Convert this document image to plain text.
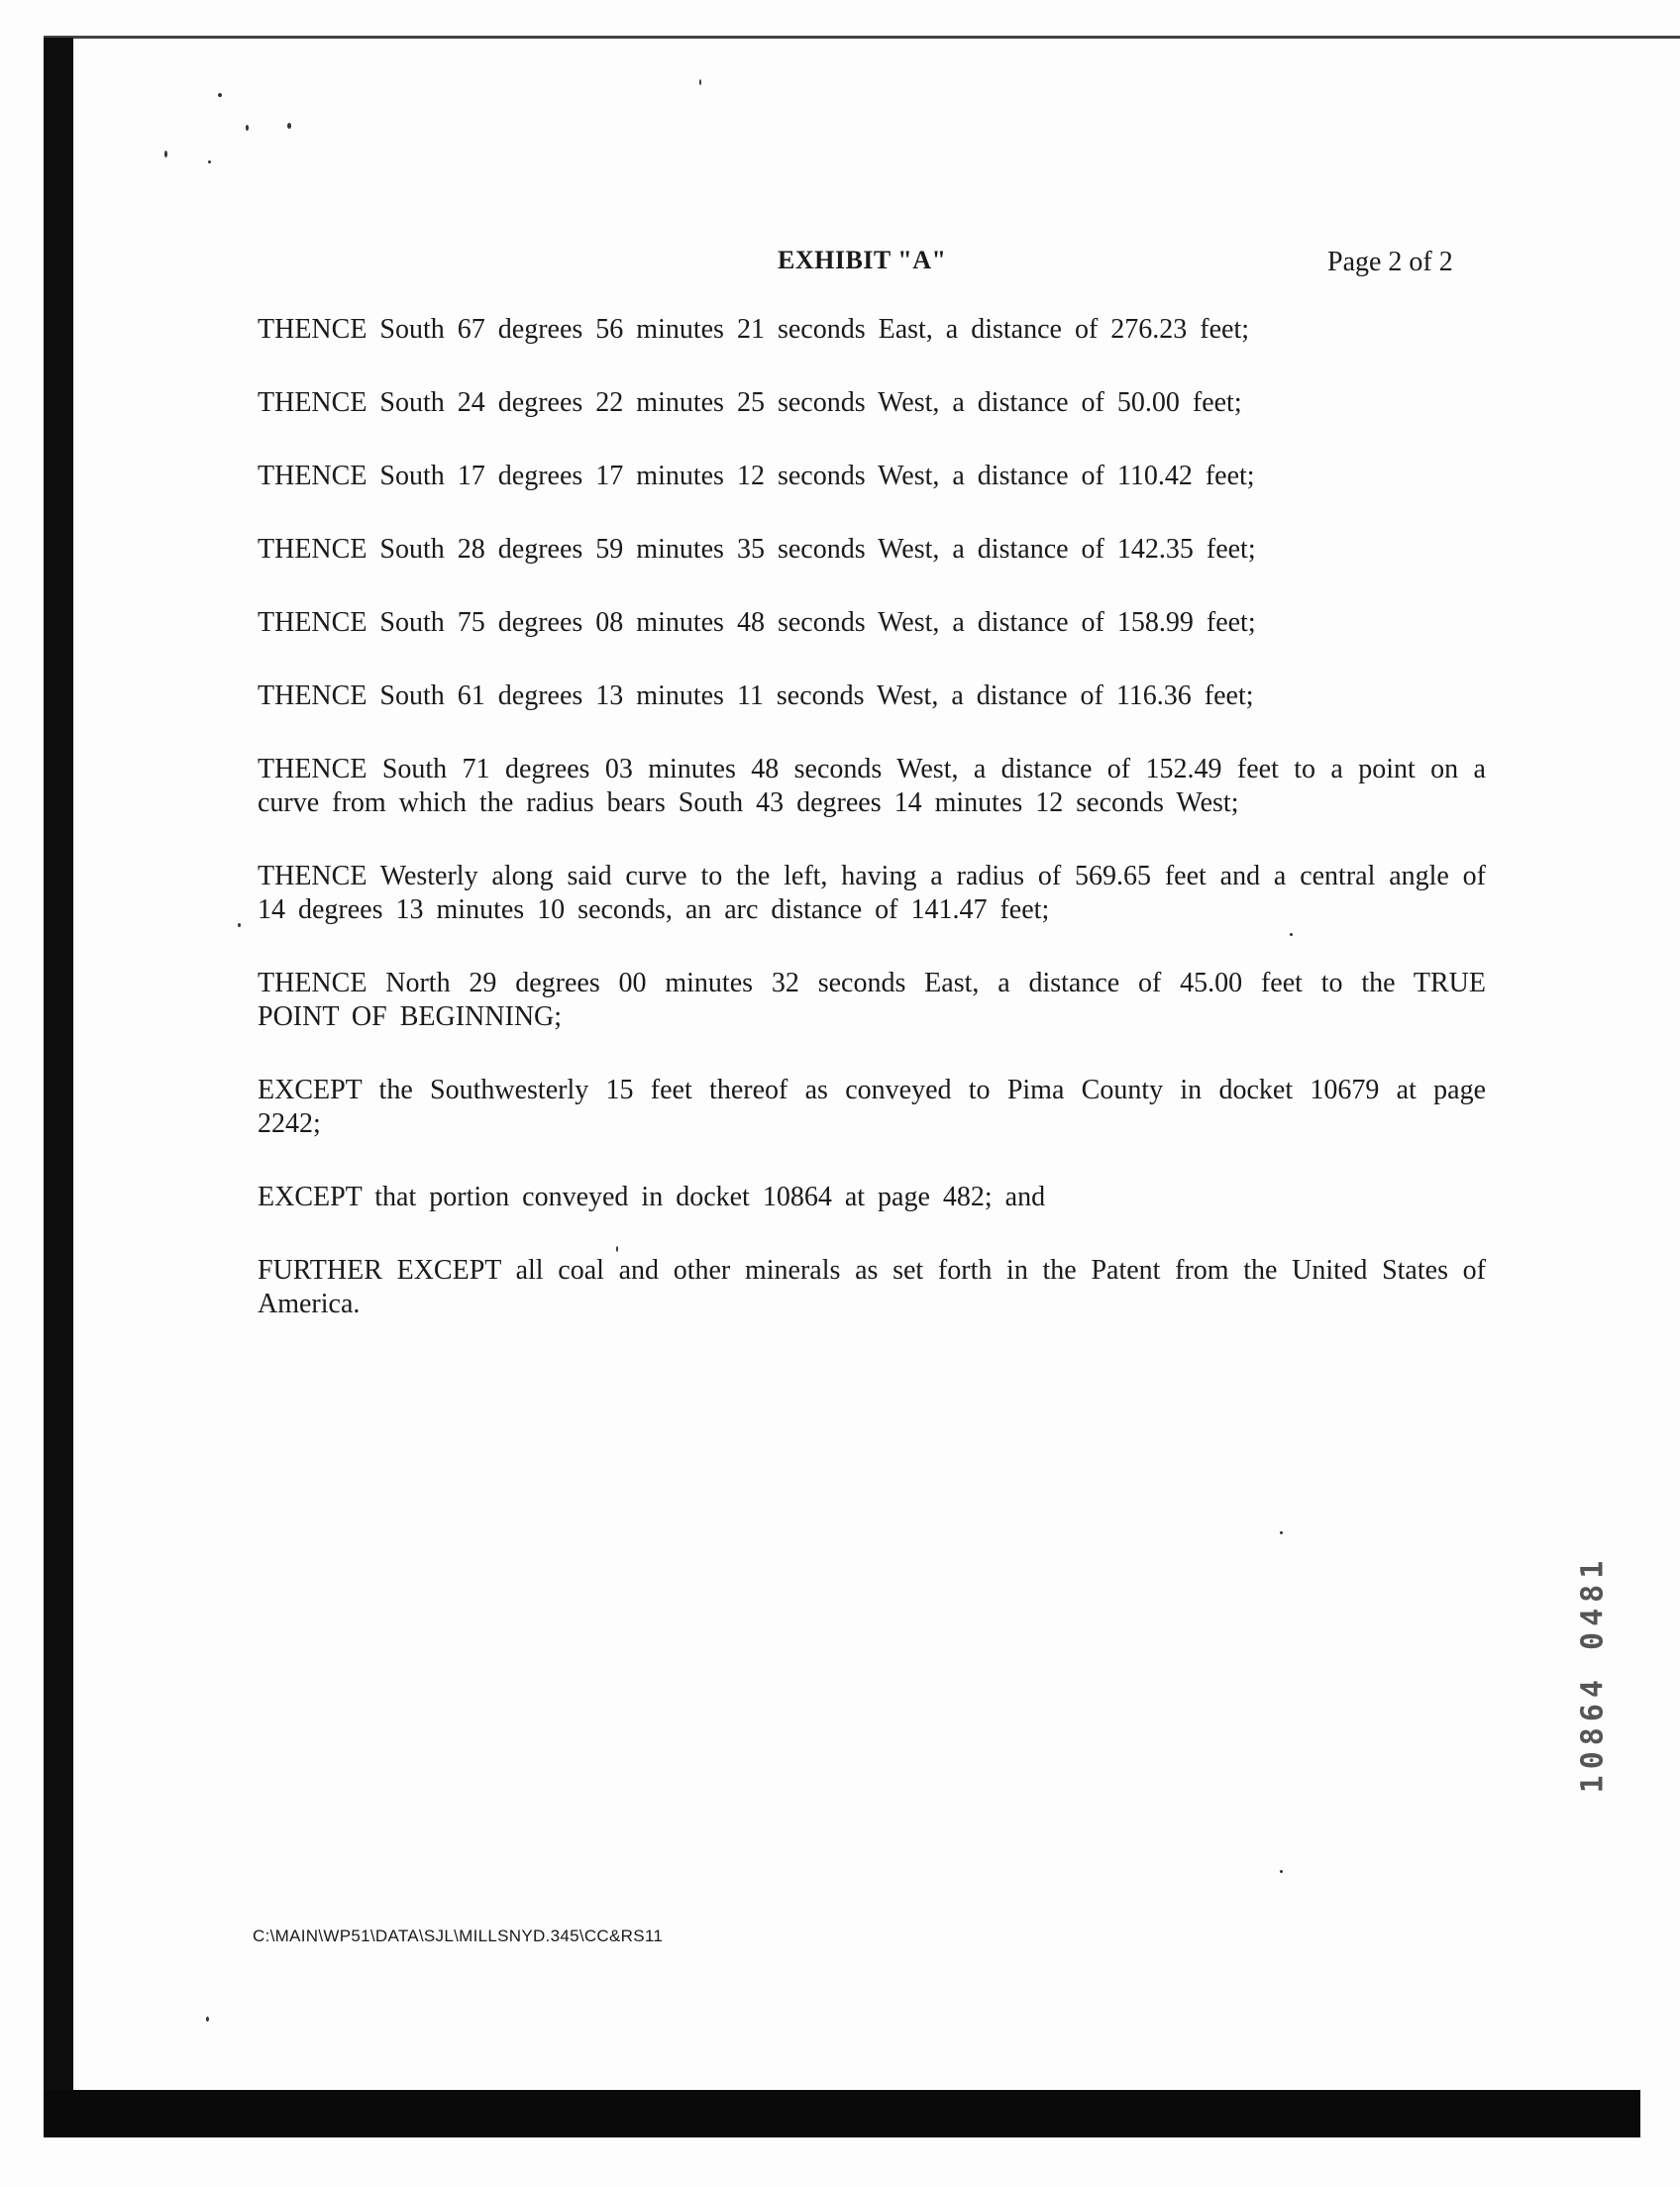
EXHIBIT "A"	Page 2 of 2

THENCE South 67 degrees 56 minutes 21 seconds East, a distance of 276.23 feet;

THENCE South 24 degrees 22 minutes 25 seconds West, a distance of 50.00 feet;

THENCE South 17 degrees 17 minutes 12 seconds West, a distance of 110.42 feet;

THENCE South 28 degrees 59 minutes 35 seconds West, a distance of 142.35 feet;

THENCE South 75 degrees 08 minutes 48 seconds West, a distance of 158.99 feet;

THENCE South 61 degrees 13 minutes 11 seconds West, a distance of 116.36 feet;

THENCE South 71 degrees 03 minutes 48 seconds West, a distance of 152.49 feet to a point on a curve from which the radius bears South 43 degrees 14 minutes 12 seconds West;

THENCE Westerly along said curve to the left, having a radius of 569.65 feet and a central angle of 14 degrees 13 minutes 10 seconds, an arc distance of 141.47 feet;

THENCE North 29 degrees 00 minutes 32 seconds East, a distance of 45.00 feet to the TRUE POINT OF BEGINNING;

EXCEPT the Southwesterly 15 feet thereof as conveyed to Pima County in docket 10679 at page 2242;

EXCEPT that portion conveyed in docket 10864 at page 482; and

FURTHER EXCEPT all coal and other minerals as set forth in the Patent from the United States of America.

10864 0481
C:\MAIN\WP51\DATA\SJL\MILLSNYD.345\CC&RS11
